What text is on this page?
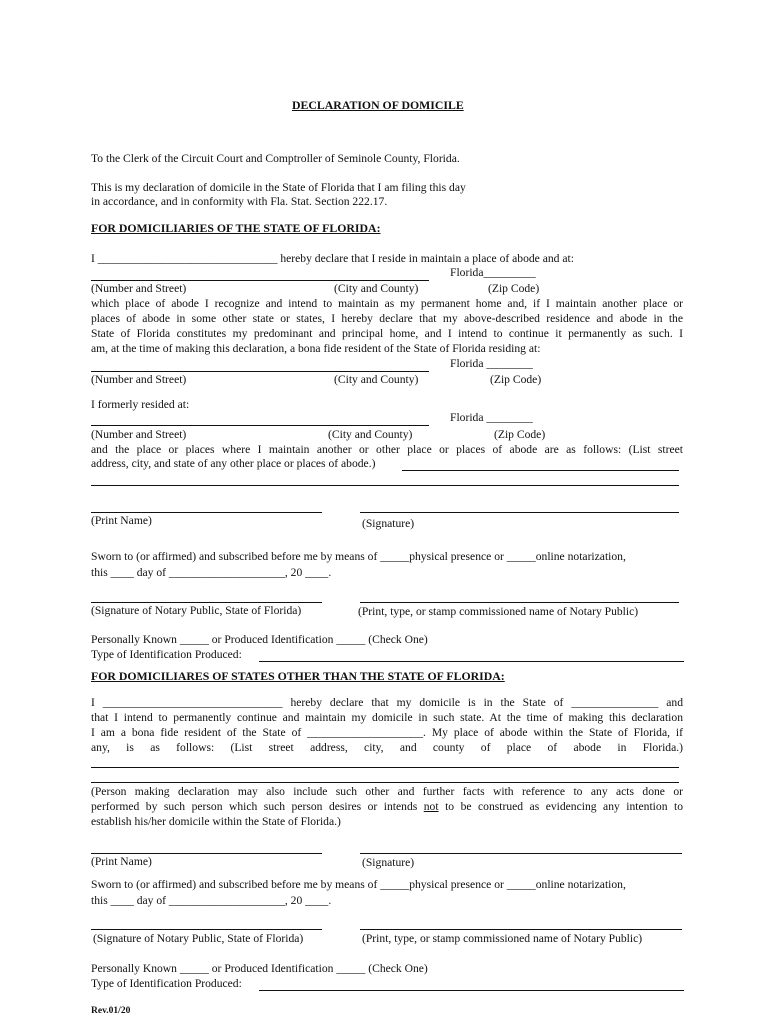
DECLARATION OF DOMICILE
To the Clerk of the Circuit Court and Comptroller of Seminole County, Florida.
This is my declaration of domicile in the State of Florida that I am filing this day
in accordance, and in conformity with Fla. Stat. Section 222.17.
FOR DOMICILIARIES OF THE STATE OF FLORIDA:
I _______________________________ hereby declare that I reside in maintain a place of abode and at:
Florida_________
(Number and Street)	(City and County)	(Zip Code)
which place of abode I recognize and intend to maintain as my permanent home and, if I maintain another place or
places of abode in some other state or states, I hereby declare that my above-described residence and abode in the
State of Florida constitutes my predominant and principal home, and I intend to continue it permanently as such. I
am, at the time of making this declaration, a bona fide resident of the State of Florida residing at:
Florida ________
(Number and Street)	(City and County)	(Zip Code)
I formerly resided at:
Florida ________
(Number and Street)	(City and County)	(Zip Code)
and the place or places where I maintain another or other place or places of abode are as follows: (List street
address, city, and state of any other place or places of abode.)
(Print Name)	(Signature)
Sworn to (or affirmed) and subscribed before me by means of _____physical presence or _____online notarization,
this ____ day of ____________________, 20 ____.
(Signature of Notary Public, State of Florida)	(Print, type, or stamp commissioned name of Notary Public)
Personally Known _____ or Produced Identification _____ (Check One)
Type of Identification Produced:
FOR DOMICILIARES OF STATES OTHER THAN THE STATE OF FLORIDA:
I _______________________________ hereby declare that my domicile is in the State of _______________ and
that I intend to permanently continue and maintain my domicile in such state. At the time of making this declaration
I am a bona fide resident of the State of ____________________. My place of abode within the State of Florida, if
any, is as follows: (List street address, city, and county of place of abode in Florida.)
(Person making declaration may also include such other and further facts with reference to any acts done or
performed by such person which such person desires or intends not to be construed as evidencing any intention to
establish his/her domicile within the State of Florida.)
(Print Name)	(Signature)
Sworn to (or affirmed) and subscribed before me by means of _____physical presence or _____online notarization,
this ____ day of ____________________, 20 ____.
(Signature of Notary Public, State of Florida)	(Print, type, or stamp commissioned name of Notary Public)
Personally Known _____ or Produced Identification _____ (Check One)
Type of Identification Produced:
Rev.01/20
